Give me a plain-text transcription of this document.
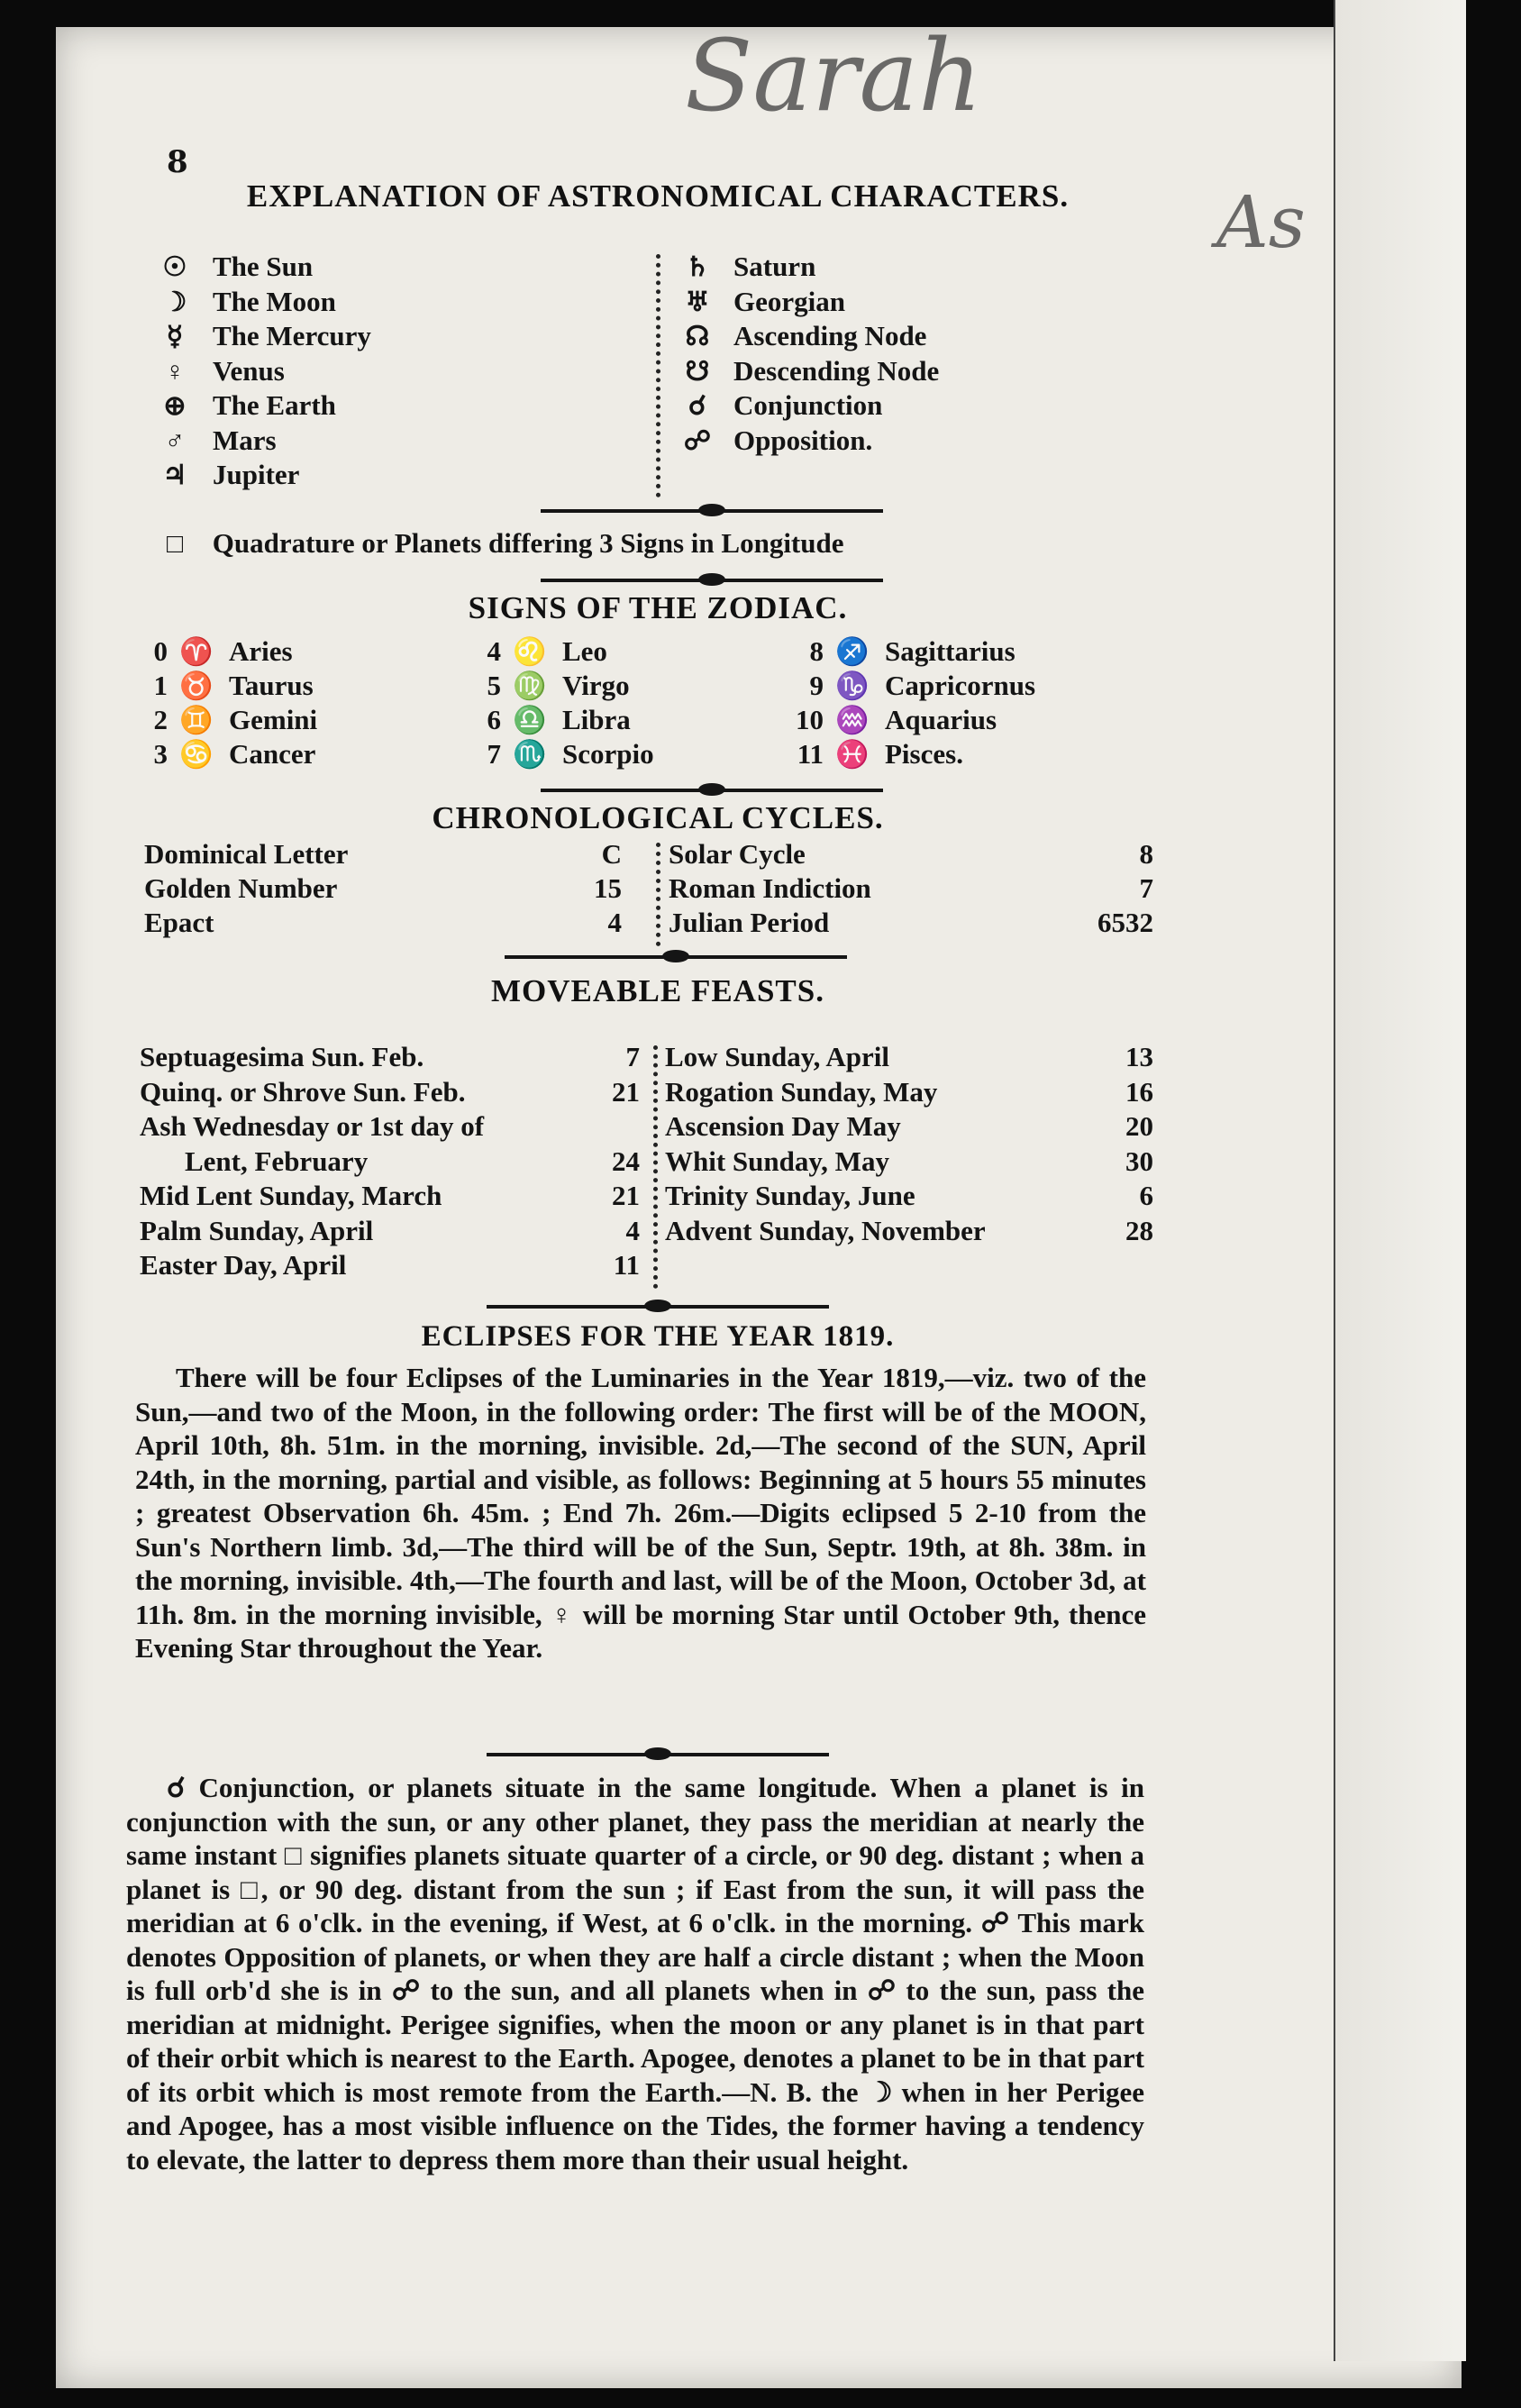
Sarah
As
8
EXPLANATION OF ASTRONOMICAL CHARACTERS.
☉ The Sun
☽ The Moon
☿ The Mercury
♀ Venus
⊕ The Earth
♂ Mars
♃ Jupiter
♄ Saturn
♅ Georgian
☊ Ascending Node
☋ Descending Node
☌ Conjunction
☍ Opposition.
□ Quadrature or Planets differing 3 Signs in Longitude
SIGNS OF THE ZODIAC.
0 ♈ Aries
1 ♉ Taurus
2 ♊ Gemini
3 ♋ Cancer
4 ♌ Leo
5 ♍ Virgo
6 ♎ Libra
7 ♏ Scorpio
8 ♐ Sagittarius
9 ♑ Capricornus
10 ♒ Aquarius
11 ♓ Pisces.
CHRONOLOGICAL CYCLES.
Dominical Letter	C
Golden Number	15
Epact	4
Solar Cycle	8
Roman Indiction	7
Julian Period	6532
MOVEABLE FEASTS.
Septuagesima Sun. Feb.	7
Quinq. or Shrove Sun. Feb.	21
Ash Wednesday or 1st day of
Lent, February	24
Mid Lent Sunday, March	21
Palm Sunday, April	4
Easter Day, April	11
Low Sunday, April	13
Rogation Sunday, May	16
Ascension Day May	20
Whit Sunday, May	30
Trinity Sunday, June	6
Advent Sunday, November	28
ECLIPSES FOR THE YEAR 1819.
There will be four Eclipses of the Luminaries in the Year 1819,—viz. two of the Sun,—and two of the Moon, in the following order: The first will be of the MOON, April 10th, 8h. 51m. in the morning, invisible. 2d,—The second of the SUN, April 24th, in the morning, partial and visible, as follows: Beginning at 5 hours 55 minutes ; greatest Observation 6h. 45m. ; End 7h. 26m.—Digits eclipsed 5 2-10 from the Sun's Northern limb. 3d,—The third will be of the Sun, Septr. 19th, at 8h. 38m. in the morning, invisible. 4th,—The fourth and last, will be of the Moon, October 3d, at 11h. 8m. in the morning invisible, ♀ will be morning Star until October 9th, thence Evening Star throughout the Year.
☌ Conjunction, or planets situate in the same longitude. When a planet is in conjunction with the sun, or any other planet, they pass the meridian at nearly the same instant □ signifies planets situate quarter of a circle, or 90 deg. distant ; when a planet is □, or 90 deg. distant from the sun ; if East from the sun, it will pass the meridian at 6 o'clk. in the evening, if West, at 6 o'clk. in the morning. ☍ This mark denotes Opposition of planets, or when they are half a circle distant ; when the Moon is full orb'd she is in ☍ to the sun, and all planets when in ☍ to the sun, pass the meridian at midnight. Perigee signifies, when the moon or any planet is in that part of their orbit which is nearest to the Earth. Apogee, denotes a planet to be in that part of its orbit which is most remote from the Earth.—N. B. the ☽ when in her Perigee and Apogee, has a most visible influence on the Tides, the former having a tendency to elevate, the latter to depress them more than their usual height.
